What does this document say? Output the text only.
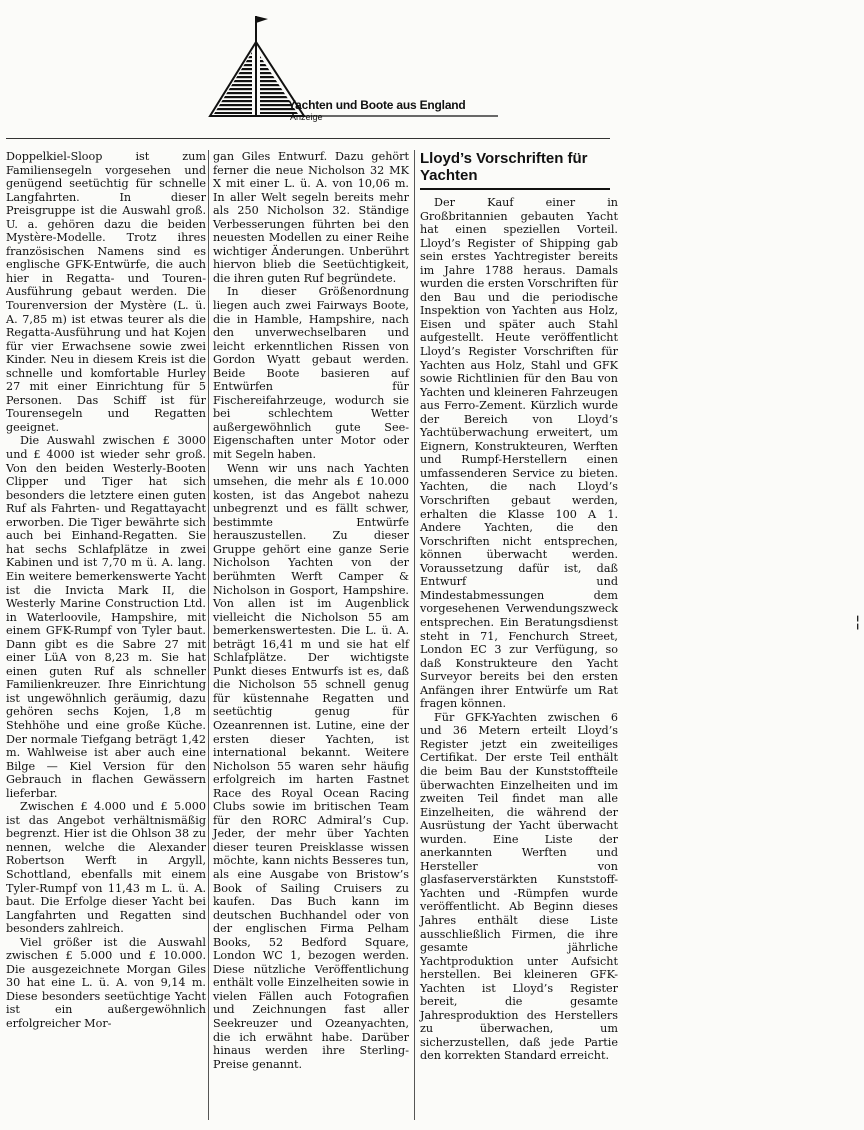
Yachten und Boote aus England
Anzeige

Doppelkiel-Sloop ist zum Familiensegeln vorgesehen und genügend seetüchtig für schnelle Langfahrten. In dieser Preisgruppe ist die Auswahl groß. U. a. gehören dazu die beiden Mystère-Modelle. Trotz ihres französischen Namens sind es englische GFK-Entwürfe, die auch hier in Regatta- und Touren-Ausführung gebaut werden. Die Tourenversion der Mystère (L. ü. A. 7,85 m) ist etwas teurer als die Regatta-Ausführung und hat Kojen für vier Erwachsene sowie zwei Kinder. Neu in diesem Kreis ist die schnelle und komfortable Hurley 27 mit einer Einrichtung für 5 Personen. Das Schiff ist für Tourensegeln und Regatten geeignet.

Die Auswahl zwischen £ 3000 und £ 4000 ist wieder sehr groß. Von den beiden Westerly-Booten Clipper und Tiger hat sich besonders die letztere einen guten Ruf als Fahrten- und Regattayacht erworben. Die Tiger bewährte sich auch bei Einhand-Regatten. Sie hat sechs Schlafplätze in zwei Kabinen und ist 7,70 m ü. A. lang. Ein weitere bemerkenswerte Yacht ist die Invicta Mark II, die Westerly Marine Construction Ltd. in Waterloovile, Hampshire, mit einem GFK-Rumpf von Tyler baut. Dann gibt es die Sabre 27 mit einer LüA von 8,23 m. Sie hat einen guten Ruf als schneller Familienkreuzer. Ihre Einrichtung ist ungewöhnlich geräumig, dazu gehören sechs Kojen, 1,8 m Stehhöhe und eine große Küche. Der normale Tiefgang beträgt 1,42 m. Wahlweise ist aber auch eine Bilge — Kiel Version für den Gebrauch in flachen Gewässern lieferbar.

Zwischen £ 4.000 und £ 5.000 ist das Angebot verhältnismäßig begrenzt. Hier ist die Ohlson 38 zu nennen, welche die Alexander Robertson Werft in Argyll, Schottland, ebenfalls mit einem Tyler-Rumpf von 11,43 m L. ü. A. baut. Die Erfolge dieser Yacht bei Langfahrten und Regatten sind besonders zahlreich.

Viel größer ist die Auswahl zwischen £ 5.000 und £ 10.000. Die ausgezeichnete Morgan Giles 30 hat eine L. ü. A. von 9,14 m. Diese besonders seetüchtige Yacht ist ein außergewöhnlich erfolgreicher Mor-

gan Giles Entwurf. Dazu gehört ferner die neue Nicholson 32 MK X mit einer L. ü. A. von 10,06 m. In aller Welt segeln bereits mehr als 250 Nicholson 32. Ständige Verbesserungen führten bei den neuesten Modellen zu einer Reihe wichtiger Änderungen. Unberührt hiervon blieb die Seetüchtigkeit, die ihren guten Ruf begründete.

In dieser Größenordnung liegen auch zwei Fairways Boote, die in Hamble, Hampshire, nach den unverwechselbaren und leicht erkenntlichen Rissen von Gordon Wyatt gebaut werden. Beide Boote basieren auf Entwürfen für Fischereifahrzeuge, wodurch sie bei schlechtem Wetter außergewöhnlich gute See-Eigenschaften unter Motor oder mit Segeln haben.

Wenn wir uns nach Yachten umsehen, die mehr als £ 10.000 kosten, ist das Angebot nahezu unbegrenzt und es fällt schwer, bestimmte Entwürfe herauszustellen. Zu dieser Gruppe gehört eine ganze Serie Nicholson Yachten von der berühmten Werft Camper & Nicholson in Gosport, Hampshire. Von allen ist im Augenblick vielleicht die Nicholson 55 am bemerkenswertesten. Die L. ü. A. beträgt 16,41 m und sie hat elf Schlafplätze. Der wichtigste Punkt dieses Entwurfs ist es, daß die Nicholson 55 schnell genug für küstennahe Regatten und seetüchtig genug für Ozeanrennen ist. Lutine, eine der ersten dieser Yachten, ist international bekannt. Weitere Nicholson 55 waren sehr häufig erfolgreich im harten Fastnet Race des Royal Ocean Racing Clubs sowie im britischen Team für den RORC Admiral’s Cup. Jeder, der mehr über Yachten dieser teuren Preisklasse wissen möchte, kann nichts Besseres tun, als eine Ausgabe von Bristow’s Book of Sailing Cruisers zu kaufen. Das Buch kann im deutschen Buchhandel oder von der englischen Firma Pelham Books, 52 Bedford Square, London WC 1, bezogen werden. Diese nützliche Veröffentlichung enthält volle Einzelheiten sowie in vielen Fällen auch Fotografien und Zeichnungen fast aller Seekreuzer und Ozeanyachten, die ich erwähnt habe. Darüber hinaus werden ihre Sterling-Preise genannt.

Lloyd’s Vorschriften für Yachten

Der Kauf einer in Großbritannien gebauten Yacht hat einen speziellen Vorteil. Lloyd’s Register of Shipping gab sein erstes Yachtregister bereits im Jahre 1788 heraus. Damals wurden die ersten Vorschriften für den Bau und die periodische Inspektion von Yachten aus Holz, Eisen und später auch Stahl aufgestellt. Heute veröffentlicht Lloyd’s Register Vorschriften für Yachten aus Holz, Stahl und GFK sowie Richtlinien für den Bau von Yachten und kleineren Fahrzeugen aus Ferro-Zement. Kürzlich wurde der Bereich von Lloyd’s Yachtüberwachung erweitert, um Eignern, Konstrukteuren, Werften und Rumpf-Herstellern einen umfassenderen Service zu bieten. Yachten, die nach Lloyd’s Vorschriften gebaut werden, erhalten die Klasse 100 A 1. Andere Yachten, die den Vorschriften nicht entsprechen, können überwacht werden. Voraussetzung dafür ist, daß Entwurf und Mindestabmessungen dem vorgesehenen Verwendungszweck entsprechen. Ein Beratungsdienst steht in 71, Fenchurch Street, London EC 3 zur Verfügung, so daß Konstrukteure den Yacht Surveyor bereits bei den ersten Anfängen ihrer Entwürfe um Rat fragen können.

Für GFK-Yachten zwischen 6 und 36 Metern erteilt Lloyd’s Register jetzt ein zweiteiliges Certifikat. Der erste Teil enthält die beim Bau der Kunststoffteile überwachten Einzelheiten und im zweiten Teil findet man alle Einzelheiten, die während der Ausrüstung der Yacht überwacht wurden. Eine Liste der anerkannten Werften und Hersteller von glasfaserverstärkten Kunststoff-Yachten und -Rümpfen wurde veröffentlicht. Ab Beginn dieses Jahres enthält diese Liste ausschließlich Firmen, die ihre gesamte jährliche Yachtproduktion unter Aufsicht herstellen. Bei kleineren GFK-Yachten ist Lloyd’s Register bereit, die gesamte Jahresproduktion des Herstellers zu überwachen, um sicherzustellen, daß jede Partie den korrekten Standard erreicht.

¦
